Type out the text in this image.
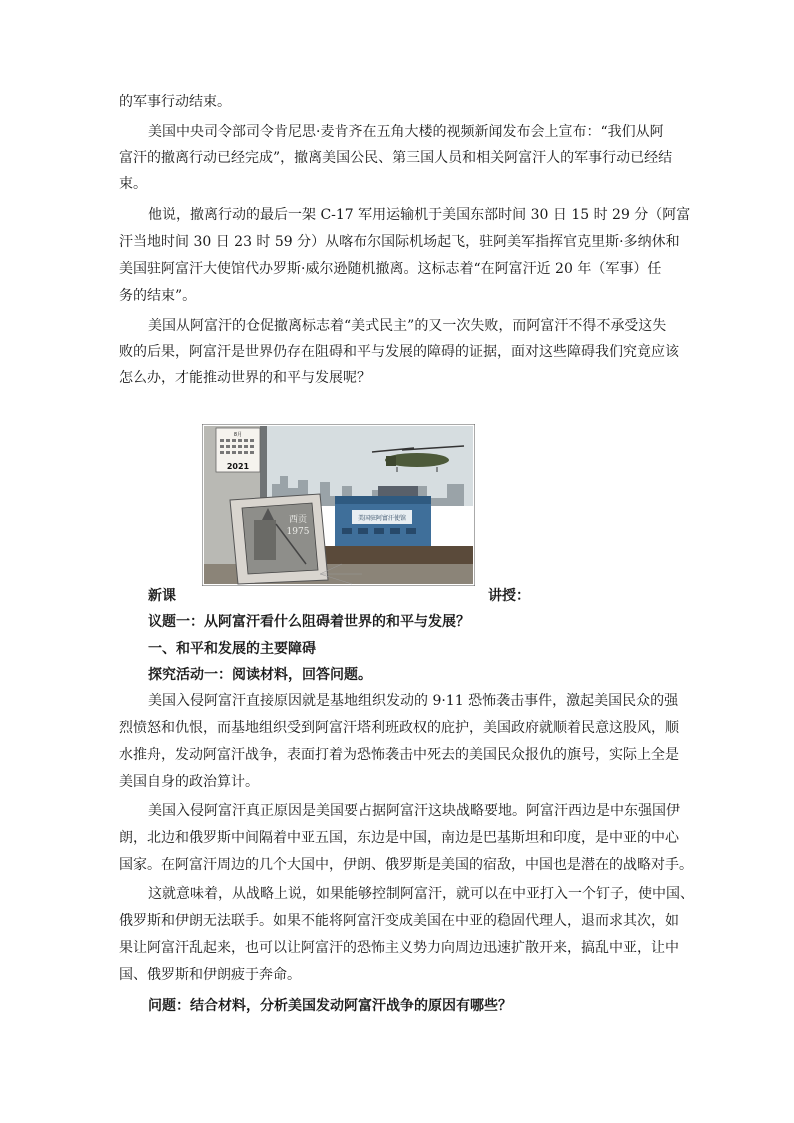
的军事行动结束。
美国中央司令部司令肯尼思·麦肯齐在五角大楼的视频新闻发布会上宣布：“我们从阿
富汗的撤离行动已经完成”，撤离美国公民、第三国人员和相关阿富汗人的军事行动已经结
束。
他说，撤离行动的最后一架 C-17 军用运输机于美国东部时间 30 日 15 时 29 分（阿富
汗当地时间 30 日 23 时 59 分）从喀布尔国际机场起飞，驻阿美军指挥官克里斯·多纳休和
美国驻阿富汗大使馆代办罗斯·威尔逊随机撤离。这标志着“在阿富汗近 20 年（军事）任
务的结束”。
美国从阿富汗的仓促撤离标志着“美式民主”的又一次失败，而阿富汗不得不承受这失
败的后果，阿富汗是世界仍存在阻碍和平与发展的障碍的证据，面对这些障碍我们究竟应该
怎么办，才能推动世界的和平与发展呢？
美国驻阿富汗使馆
8月
2021
西贡
1975
新课	讲授：
议题一：从阿富汗看什么阻碍着世界的和平与发展？
一、和平和发展的主要障碍
探究活动一：阅读材料，回答问题。
美国入侵阿富汗直接原因就是基地组织发动的 9·11 恐怖袭击事件，激起美国民众的强
烈愤怒和仇恨，而基地组织受到阿富汗塔利班政权的庇护，美国政府就顺着民意这股风，顺
水推舟，发动阿富汗战争，表面打着为恐怖袭击中死去的美国民众报仇的旗号，实际上全是
美国自身的政治算计。
美国入侵阿富汗真正原因是美国要占据阿富汗这块战略要地。阿富汗西边是中东强国伊
朗，北边和俄罗斯中间隔着中亚五国，东边是中国，南边是巴基斯坦和印度，是中亚的中心
国家。在阿富汗周边的几个大国中，伊朗、俄罗斯是美国的宿敌，中国也是潜在的战略对手。
这就意味着，从战略上说，如果能够控制阿富汗，就可以在中亚打入一个钉子，使中国、
俄罗斯和伊朗无法联手。如果不能将阿富汗变成美国在中亚的稳固代理人，退而求其次，如
果让阿富汗乱起来，也可以让阿富汗的恐怖主义势力向周边迅速扩散开来，搞乱中亚，让中
国、俄罗斯和伊朗疲于奔命。
问题：结合材料，分析美国发动阿富汗战争的原因有哪些？
